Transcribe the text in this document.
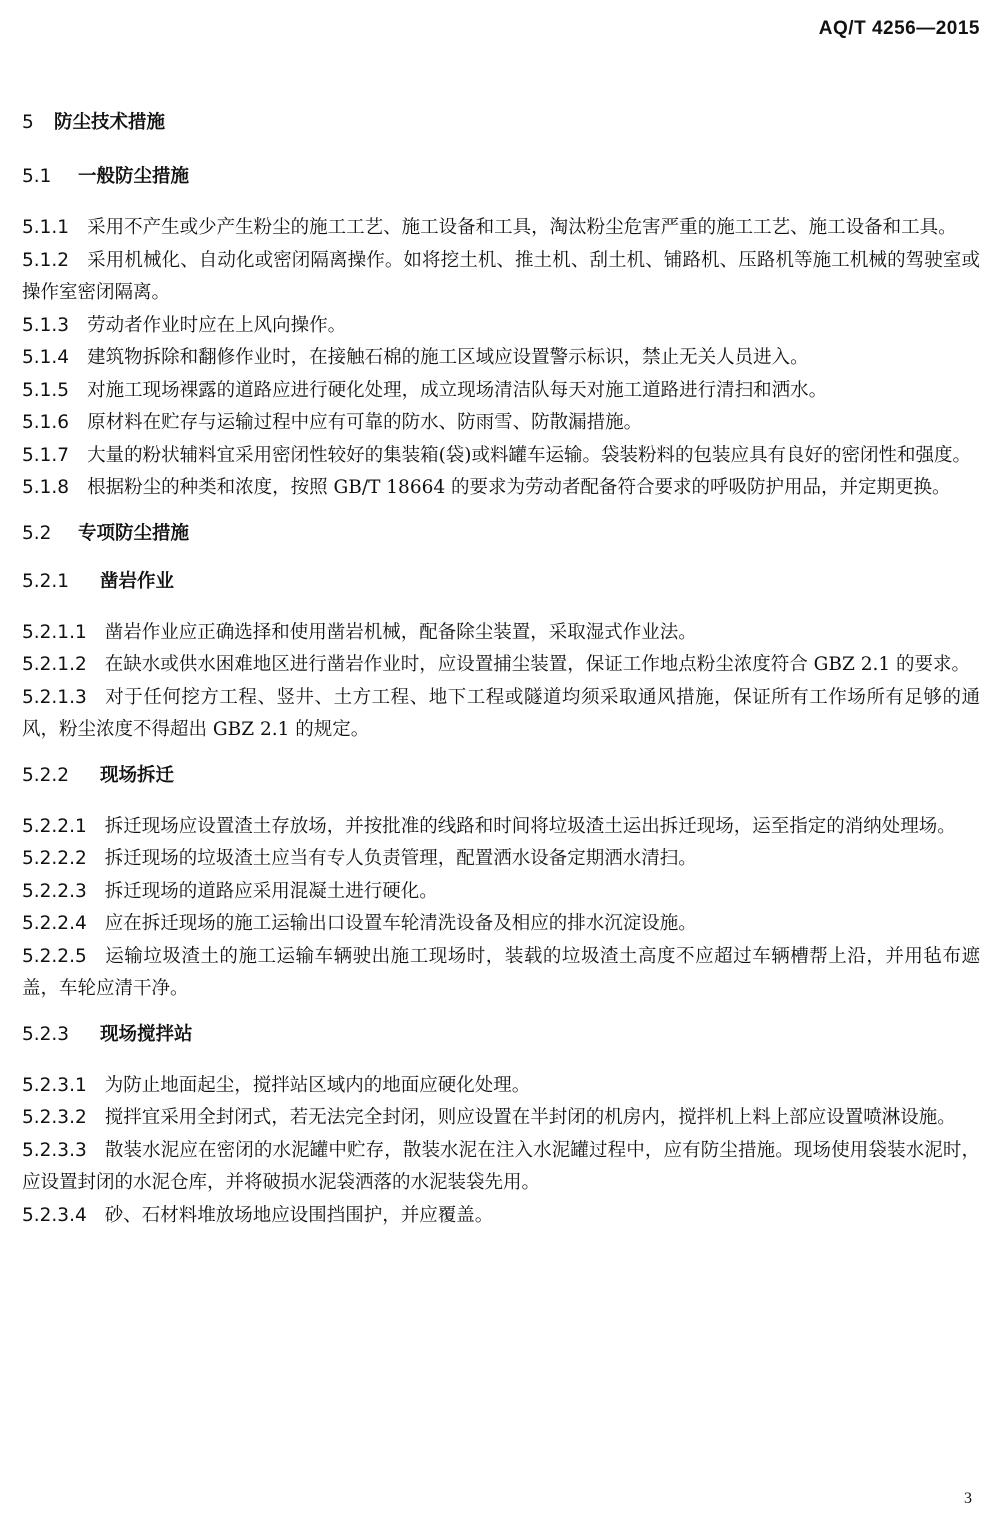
AQ/T 4256—2015
5 防尘技术措施
5.1 一般防尘措施

5.1.1 采用不产生或少产生粉尘的施工工艺、施工设备和工具，淘汰粉尘危害严重的施工工艺、施工设备和工具。

5.1.2 采用机械化、自动化或密闭隔离操作。如将挖土机、推土机、刮土机、铺路机、压路机等施工机械的驾驶室或操作室密闭隔离。

5.1.3 劳动者作业时应在上风向操作。

5.1.4 建筑物拆除和翻修作业时，在接触石棉的施工区域应设置警示标识，禁止无关人员进入。

5.1.5 对施工现场裸露的道路应进行硬化处理，成立现场清洁队每天对施工道路进行清扫和洒水。

5.1.6 原材料在贮存与运输过程中应有可靠的防水、防雨雪、防散漏措施。

5.1.7 大量的粉状辅料宜采用密闭性较好的集装箱(袋)或料罐车运输。袋装粉料的包装应具有良好的密闭性和强度。

5.1.8 根据粉尘的种类和浓度，按照 GB/T 18664 的要求为劳动者配备符合要求的呼吸防护用品，并定期更换。

5.2 专项防尘措施
5.2.1 凿岩作业

5.2.1.1 凿岩作业应正确选择和使用凿岩机械，配备除尘装置，采取湿式作业法。

5.2.1.2 在缺水或供水困难地区进行凿岩作业时，应设置捕尘装置，保证工作地点粉尘浓度符合 GBZ 2.1 的要求。

5.2.1.3 对于任何挖方工程、竖井、土方工程、地下工程或隧道均须采取通风措施，保证所有工作场所有足够的通风，粉尘浓度不得超出 GBZ 2.1 的规定。

5.2.2 现场拆迁

5.2.2.1 拆迁现场应设置渣土存放场，并按批准的线路和时间将垃圾渣土运出拆迁现场，运至指定的消纳处理场。

5.2.2.2 拆迁现场的垃圾渣土应当有专人负责管理，配置洒水设备定期洒水清扫。

5.2.2.3 拆迁现场的道路应采用混凝土进行硬化。

5.2.2.4 应在拆迁现场的施工运输出口设置车轮清洗设备及相应的排水沉淀设施。

5.2.2.5 运输垃圾渣土的施工运输车辆驶出施工现场时，装载的垃圾渣土高度不应超过车辆槽帮上沿，并用毡布遮盖，车轮应清干净。

5.2.3 现场搅拌站

5.2.3.1 为防止地面起尘，搅拌站区域内的地面应硬化处理。

5.2.3.2 搅拌宜采用全封闭式，若无法完全封闭，则应设置在半封闭的机房内，搅拌机上料上部应设置喷淋设施。

5.2.3.3 散装水泥应在密闭的水泥罐中贮存，散装水泥在注入水泥罐过程中，应有防尘措施。现场使用袋装水泥时，应设置封闭的水泥仓库，并将破损水泥袋洒落的水泥装袋先用。

5.2.3.4 砂、石材料堆放场地应设围挡围护，并应覆盖。

3
